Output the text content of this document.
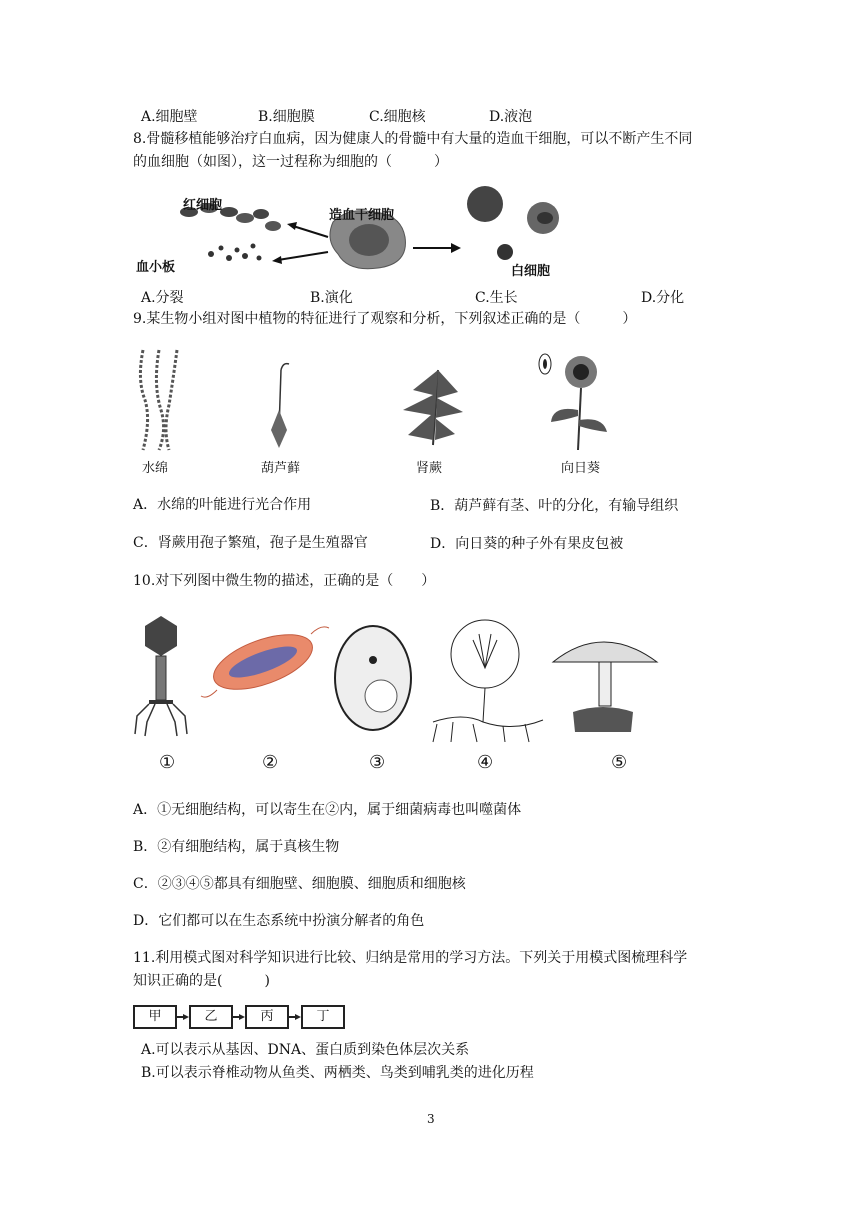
A.细胞壁	B.细胞膜	C.细胞核	D.液泡
8.骨髓移植能够治疗白血病，因为健康人的骨髓中有大量的造血干细胞，可以不断产生不同
的血细胞（如图），这一过程称为细胞的（　　　）
红细胞
造血干细胞
血小板	白细胞
A.分裂	B.演化	C.生长	D.分化
9.某生物小组对图中植物的特征进行了观察和分析，下列叙述正确的是（　　　）
水绵	葫芦藓	肾蕨	向日葵
A．水绵的叶能进行光合作用	B．葫芦藓有茎、叶的分化，有输导组织
C．肾蕨用孢子繁殖，孢子是生殖器官	D．向日葵的种子外有果皮包被
10.对下列图中微生物的描述，正确的是（　　）
①	②	③	④	⑤
A．①无细胞结构，可以寄生在②内，属于细菌病毒也叫噬菌体
B．②有细胞结构，属于真核生物
C．②③④⑤都具有细胞壁、细胞膜、细胞质和细胞核
D．它们都可以在生态系统中扮演分解者的角色
11.利用模式图对科学知识进行比较、归纳是常用的学习方法。下列关于用模式图梳理科学
知识正确的是(　　　)
甲	乙	丙	丁
A.可以表示从基因、DNA、蛋白质到染色体层次关系
B.可以表示脊椎动物从鱼类、两栖类、鸟类到哺乳类的进化历程
3
